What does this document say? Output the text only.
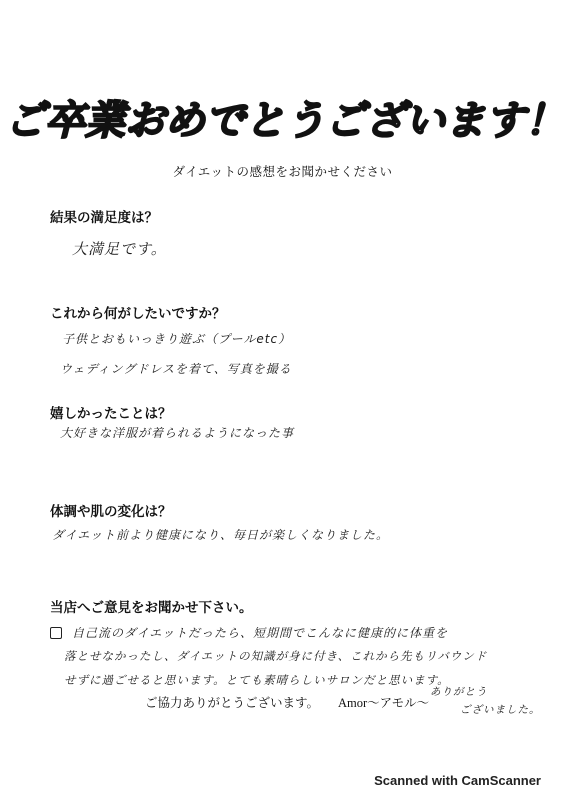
ご卒業おめでとうございます！
ダイエットの感想をお聞かせください
結果の満足度は？
大満足です。
これから何がしたいですか？
子供とおもいっきり遊ぶ（プールetc）
ウェディングドレスを着て、写真を撮る
嬉しかったことは？
大好きな洋服が着られるようになった事
体調や肌の変化は？
ダイエット前より健康になり、毎日が楽しくなりました。
当店へご意見をお聞かせ下さい。
自己流のダイエットだったら、短期間でこんなに健康的に体重を
落とせなかったし、ダイエットの知識が身に付き、これから先もリバウンド
せずに過ごせると思います。とても素晴らしいサロンだと思います。
ご協力ありがとうございます。 Amor〜アモル〜
ありがとう
ございました。
Scanned with CamScanner
